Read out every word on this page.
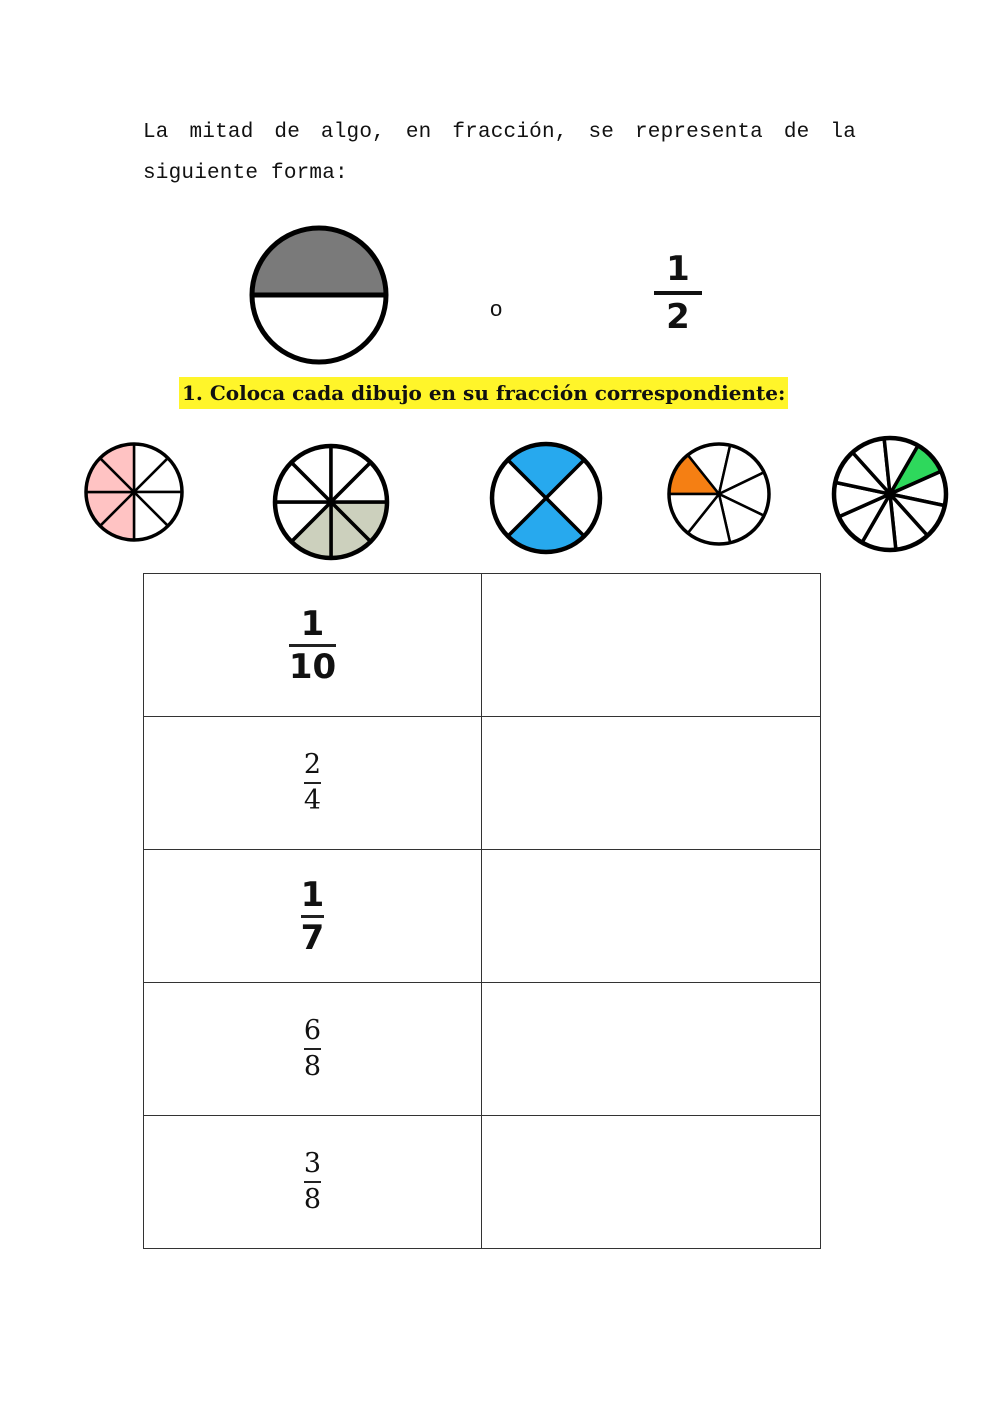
La mitad de algo, en fracción, se representa de la siguiente forma:
o
1
2
1. Coloca cada dibujo en su fracción correspondiente:
$\frac{1}{10}$

$\frac{2}{4}$

$\frac{1}{7}$

$\frac{6}{8}$

$\frac{3}{8}$
